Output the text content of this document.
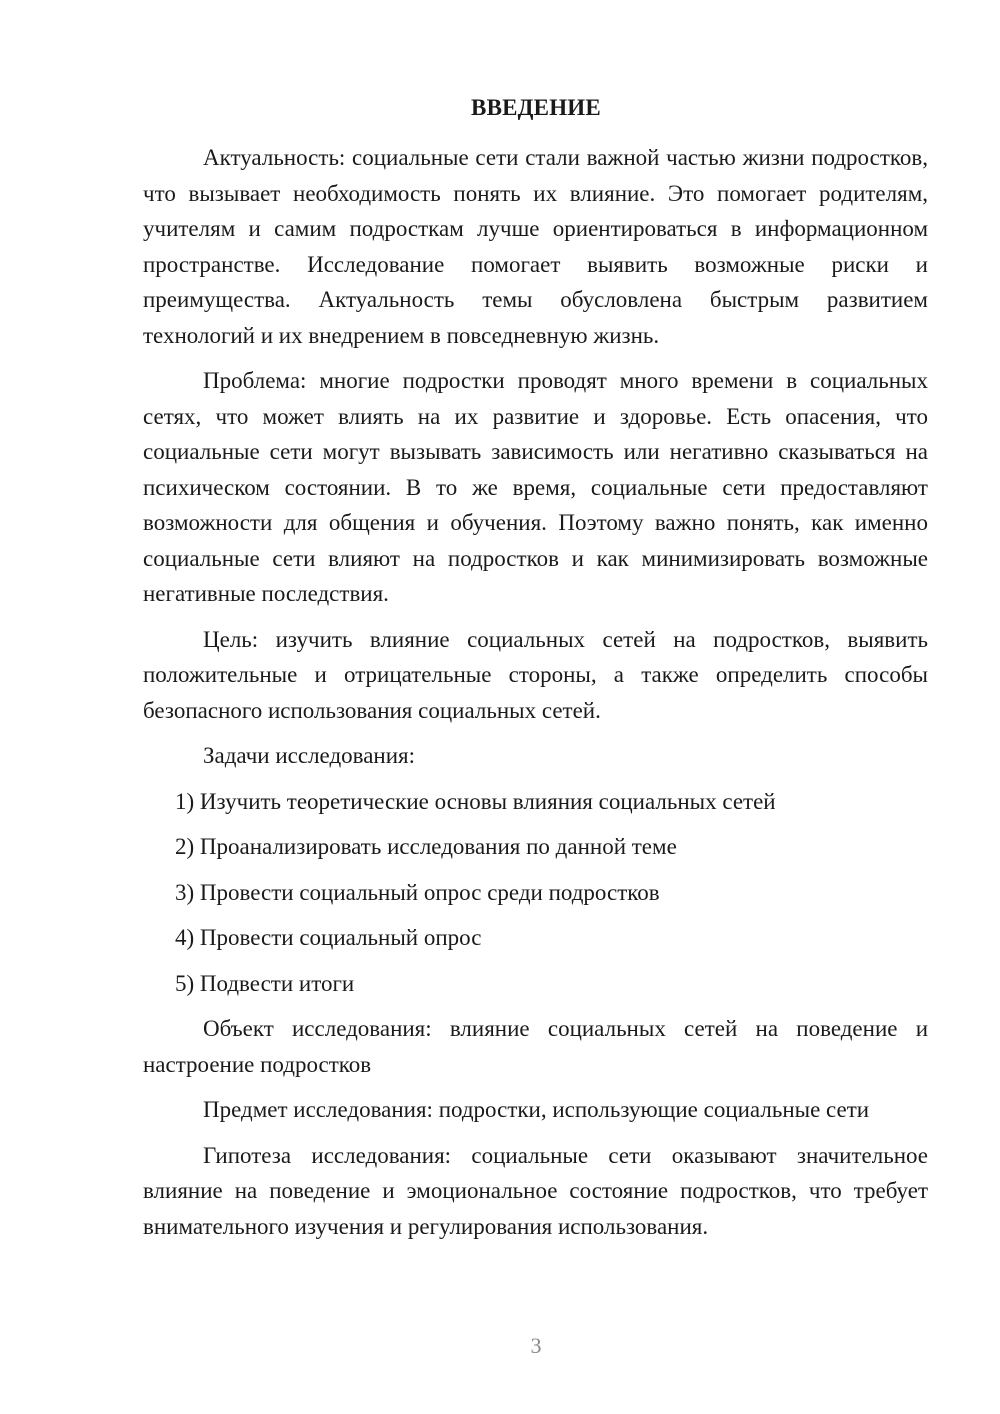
ВВЕДЕНИЕ

Актуальность: социальные сети стали важной частью жизни подростков, что вызывает необходимость понять их влияние. Это помогает родителям, учителям и самим подросткам лучше ориентироваться в информационном пространстве. Исследование помогает выявить возможные риски и преимущества. Актуальность темы обусловлена быстрым развитием технологий и их внедрением в повседневную жизнь.

Проблема: многие подростки проводят много времени в социальных сетях, что может влиять на их развитие и здоровье. Есть опасения, что социальные сети могут вызывать зависимость или негативно сказываться на психическом состоянии. В то же время, социальные сети предоставляют возможности для общения и обучения. Поэтому важно понять, как именно социальные сети влияют на подростков и как минимизировать возможные негативные последствия.

Цель: изучить влияние социальных сетей на подростков, выявить положительные и отрицательные стороны, а также определить способы безопасного использования социальных сетей.

Задачи исследования:

1) Изучить теоретические основы влияния социальных сетей

2) Проанализировать исследования по данной теме

3) Провести социальный опрос среди подростков

4) Провести социальный опрос

5) Подвести итоги

Объект исследования: влияние социальных сетей на поведение и настроение подростков

Предмет исследования: подростки, использующие социальные сети

Гипотеза исследования: социальные сети оказывают значительное влияние на поведение и эмоциональное состояние подростков, что требует внимательного изучения и регулирования использования.

3
